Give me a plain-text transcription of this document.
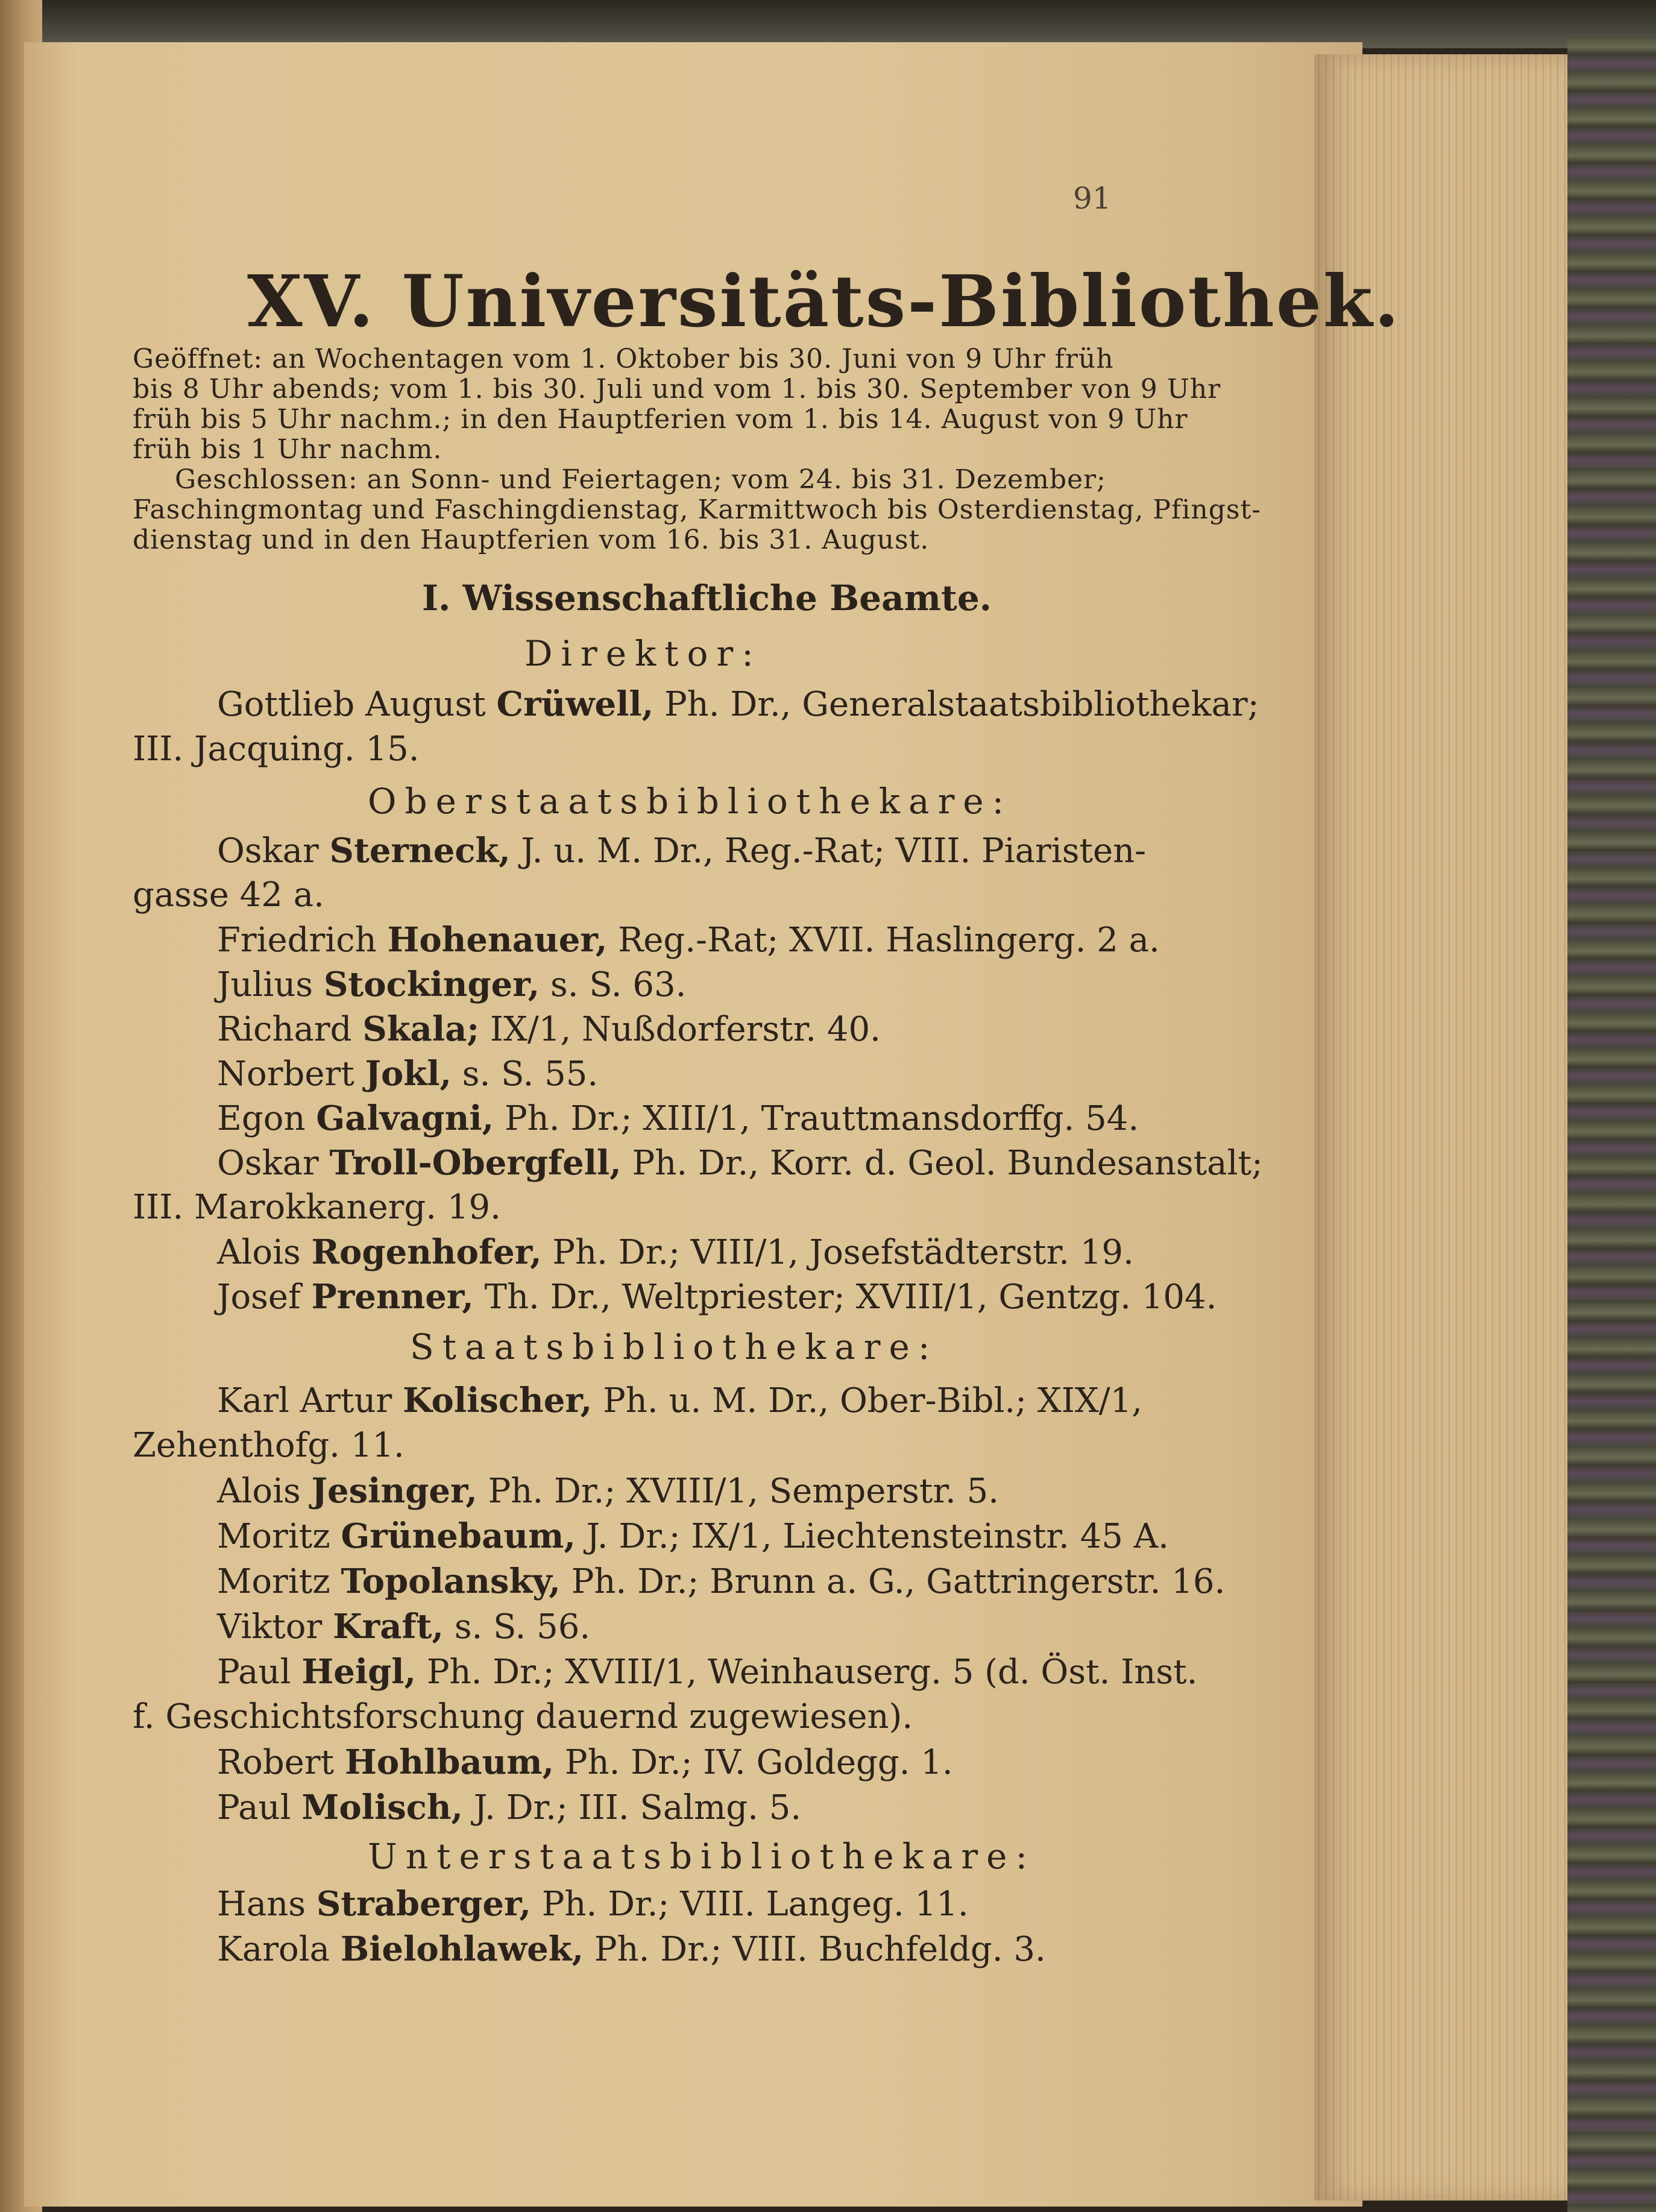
91
XV. Universitäts-Bibliothek.
Geöffnet: an Wochentagen vom 1. Oktober bis 30. Juni von 9 Uhr früh
bis 8 Uhr abends; vom 1. bis 30. Juli und vom 1. bis 30. September von 9 Uhr
früh bis 5 Uhr nachm.; in den Hauptferien vom 1. bis 14. August von 9 Uhr
früh bis 1 Uhr nachm.
Geschlossen: an Sonn- und Feiertagen; vom 24. bis 31. Dezember;
Faschingmontag und Faschingdienstag, Karmittwoch bis Osterdienstag, Pfingst-
dienstag und in den Hauptferien vom 16. bis 31. August.
I. Wissenschaftliche Beamte.
Direktor:
Gottlieb August Crüwell, Ph. Dr., Generalstaatsbibliothekar;
III. Jacquing. 15.
Oberstaatsbibliothekare:
Oskar Sterneck, J. u. M. Dr., Reg.-Rat; VIII. Piaristen-
gasse 42 a.
Friedrich Hohenauer, Reg.-Rat; XVII. Haslingerg. 2 a.
Julius Stockinger, s. S. 63.
Richard Skala; IX/1, Nußdorferstr. 40.
Norbert Jokl, s. S. 55.
Egon Galvagni, Ph. Dr.; XIII/1, Trauttmansdorffg. 54.
Oskar Troll-Obergfell, Ph. Dr., Korr. d. Geol. Bundesanstalt;
III. Marokkanerg. 19.
Alois Rogenhofer, Ph. Dr.; VIII/1, Josefstädterstr. 19.
Josef Prenner, Th. Dr., Weltpriester; XVIII/1, Gentzg. 104.
Staatsbibliothekare:
Karl Artur Kolischer, Ph. u. M. Dr., Ober-Bibl.; XIX/1,
Zehenthofg. 11.
Alois Jesinger, Ph. Dr.; XVIII/1, Semperstr. 5.
Moritz Grünebaum, J. Dr.; IX/1, Liechtensteinstr. 45 A.
Moritz Topolansky, Ph. Dr.; Brunn a. G., Gattringerstr. 16.
Viktor Kraft, s. S. 56.
Paul Heigl, Ph. Dr.; XVIII/1, Weinhauserg. 5 (d. Öst. Inst.
f. Geschichtsforschung dauernd zugewiesen).
Robert Hohlbaum, Ph. Dr.; IV. Goldegg. 1.
Paul Molisch, J. Dr.; III. Salmg. 5.
Unterstaatsbibliothekare:
Hans Straberger, Ph. Dr.; VIII. Langeg. 11.
Karola Bielohlawek, Ph. Dr.; VIII. Buchfeldg. 3.
